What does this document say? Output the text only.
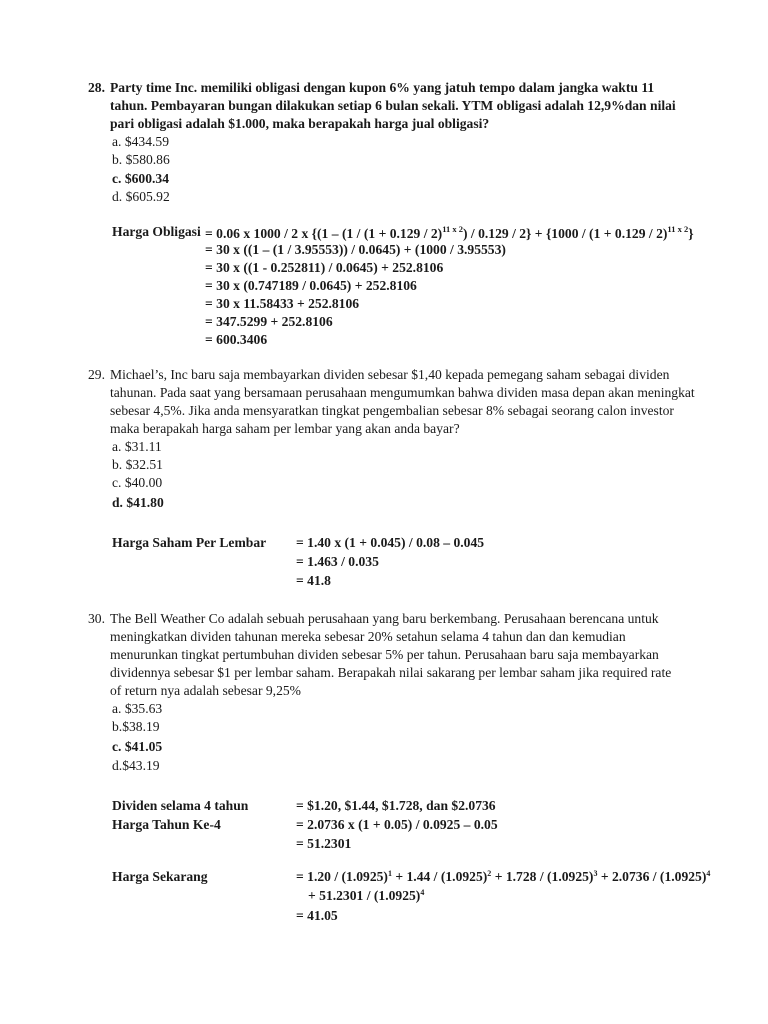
28. Party time Inc. memiliki obligasi dengan kupon 6% yang jatuh tempo dalam jangka waktu 11
tahun. Pembayaran bungan dilakukan setiap 6 bulan sekali. YTM obligasi adalah 12,9%dan nilai
pari obligasi adalah $1.000, maka berapakah harga jual obligasi?
a. $434.59
b. $580.86
c. $600.34
d. $605.92
Harga Obligasi = 0.06 x 1000 / 2 x {$(1 - (1 / (1 + 0.129 / 2)^{11 x 2}) / 0.129 / 2\} + \{1000 / (1 + 0.129 / 2)^{11 x 2}\}$
= 30 x ((1 – (1 / 3.95553)) / 0.0645) + (1000 / 3.95553)
= 30 x ((1 - 0.252811) / 0.0645) + 252.8106
= 30 x (0.747189 / 0.0645) + 252.8106
= 30 x 11.58433 + 252.8106
= 347.5299 + 252.8106
= 600.3406
29. Michael’s, Inc baru saja membayarkan dividen sebesar $1,40 kepada pemegang saham sebagai dividen
tahunan. Pada saat yang bersamaan perusahaan mengumumkan bahwa dividen masa depan akan meningkat
sebesar 4,5%. Jika anda mensyaratkan tingkat pengembalian sebesar 8% sebagai seorang calon investor
maka berapakah harga saham per lembar yang akan anda bayar?
a. $31.11
b. $32.51
c. $40.00
d. $41.80
Harga Saham Per Lembar = 1.40 x (1 + 0.045) / 0.08 – 0.045
= 1.463 / 0.035
= 41.8
30. The Bell Weather Co adalah sebuah perusahaan yang baru berkembang. Perusahaan berencana untuk
meningkatkan dividen tahunan mereka sebesar 20% setahun selama 4 tahun dan dan kemudian
menurunkan tingkat pertumbuhan dividen sebesar 5% per tahun. Perusahaan baru saja membayarkan
dividennya sebesar $1 per lembar saham. Berapakah nilai sakarang per lembar saham jika required rate
of return nya adalah sebesar 9,25%
a. $35.63
b.$38.19
c. $41.05
d.$43.19
Dividen selama 4 tahun	= $1.20, $1.44, $1.728, dan $2.0736
Harga Tahun Ke-4	= 2.0736 x (1 + 0.05) / 0.0925 – 0.05
= 51.2301
Harga Sekarang	= $1.20 / (1.0925)^1 + 1.44 / (1.0925)^2 + 1.728 / (1.0925)^3 + 2.0736 / (1.0925)^4$
+ $51.2301 / (1.0925)^4$
= 41.05
